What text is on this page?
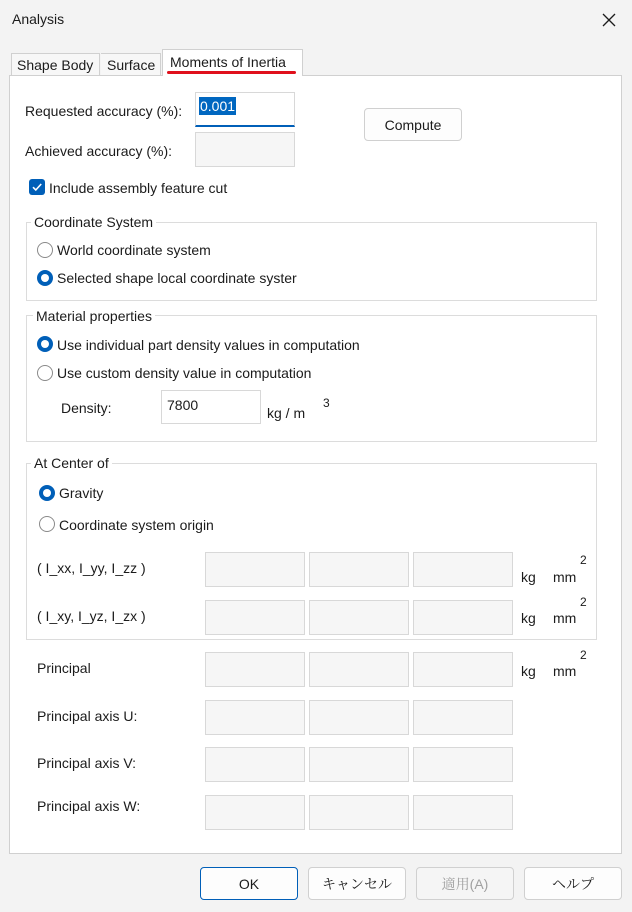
Analysis
Shape Body Surface	Moments of Inertia
Requested accuracy (%): 0.001
Compute
Achieved accuracy (%):
Include assembly feature cut
Coordinate System
World coordinate system
Selected shape local coordinate syster
Material properties
Use individual part density values in computation
Use custom density value in computation
Density:	7800	kg / m
3
At Center of
Gravity
Coordinate system origin
( I_xx, I_yy, I_zz )
kg mm
2
( I_xy, I_yz, I_zx )	kg mm
2
Principal	kg mm
2
Principal axis U:
Principal axis V:
Principal axis W:
OK	キャンセル	適用(A)	ヘルプ
